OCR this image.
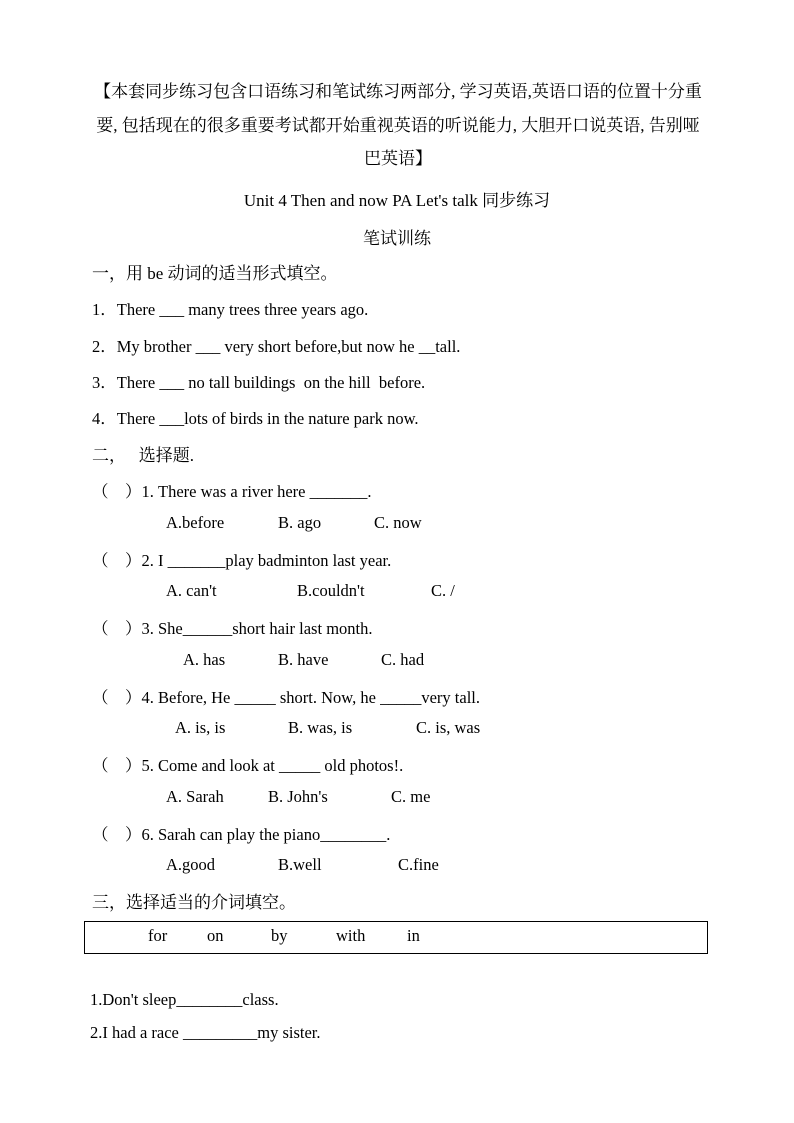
【本套同步练习包含口语练习和笔试练习两部分, 学习英语,英语口语的位置十分重要, 包括现在的很多重要考试都开始重视英语的听说能力, 大胆开口说英语, 告别哑巴英语】
Unit 4 Then and now PA Let's talk 同步练习
笔试训练
一，用 be 动词的适当形式填空。
1．There ___ many trees three years ago.
2．My brother ___ very short before,but now he __tall.
3．There ___ no tall buildings  on the hill  before.
4．There ___lots of birds in the nature park now.
二，   选择题.
（    ）1. There was a river here _______.
A.before	B. ago	C. now
（    ）2. I _______play badminton last year.
A. can't	B.couldn't	C. /
（    ）3. She______short hair last month.
A. has	B. have	C. had
（    ）4. Before, He _____ short. Now, he _____very tall.
A. is, is	B. was, is	C. is, was
（    ）5. Come and look at _____ old photos!.
A. Sarah	B. John's	C. me
（    ）6. Sarah can play the piano________.
A.good	B.well	C.fine
三，选择适当的介词填空。
for on	by	with	in
1.Don't sleep________class.
2.I had a race _________my sister.
